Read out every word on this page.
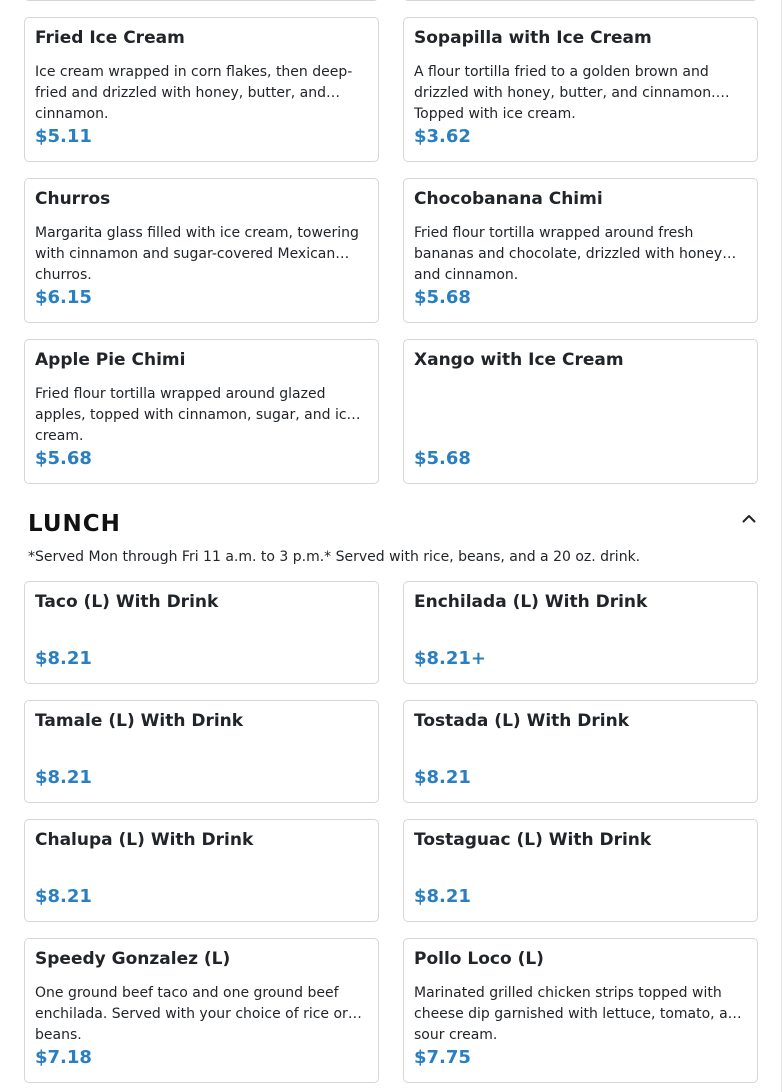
Fried Ice Cream
Ice cream wrapped in corn flakes, then deep-fried and drizzled with honey, butter, and cinnamon.
$5.11
Sopapilla with Ice Cream
A flour tortilla fried to a golden brown and drizzled with honey, butter, and cinnamon. Topped with ice cream.
$3.62
Churros
Margarita glass filled with ice cream, towering with cinnamon and sugar-covered Mexican churros.
$6.15
Chocobanana Chimi
Fried flour tortilla wrapped around fresh bananas and chocolate, drizzled with honey and cinnamon.
$5.68
Apple Pie Chimi
Fried flour tortilla wrapped around glazed apples, topped with cinnamon, sugar, and ice cream.
$5.68
Xango with Ice Cream
$5.68
LUNCH
*Served Mon through Fri 11 a.m. to 3 p.m.* Served with rice, beans, and a 20 oz. drink.
Taco (L) With Drink
$8.21
Enchilada (L) With Drink
$8.21+
Tamale (L) With Drink
$8.21
Tostada (L) With Drink
$8.21
Chalupa (L) With Drink
$8.21
Tostaguac (L) With Drink
$8.21
Speedy Gonzalez (L)
One ground beef taco and one ground beef enchilada. Served with your choice of rice or beans.
$7.18
Pollo Loco (L)
Marinated grilled chicken strips topped with cheese dip garnished with lettuce, tomato, and sour cream.
$7.75
